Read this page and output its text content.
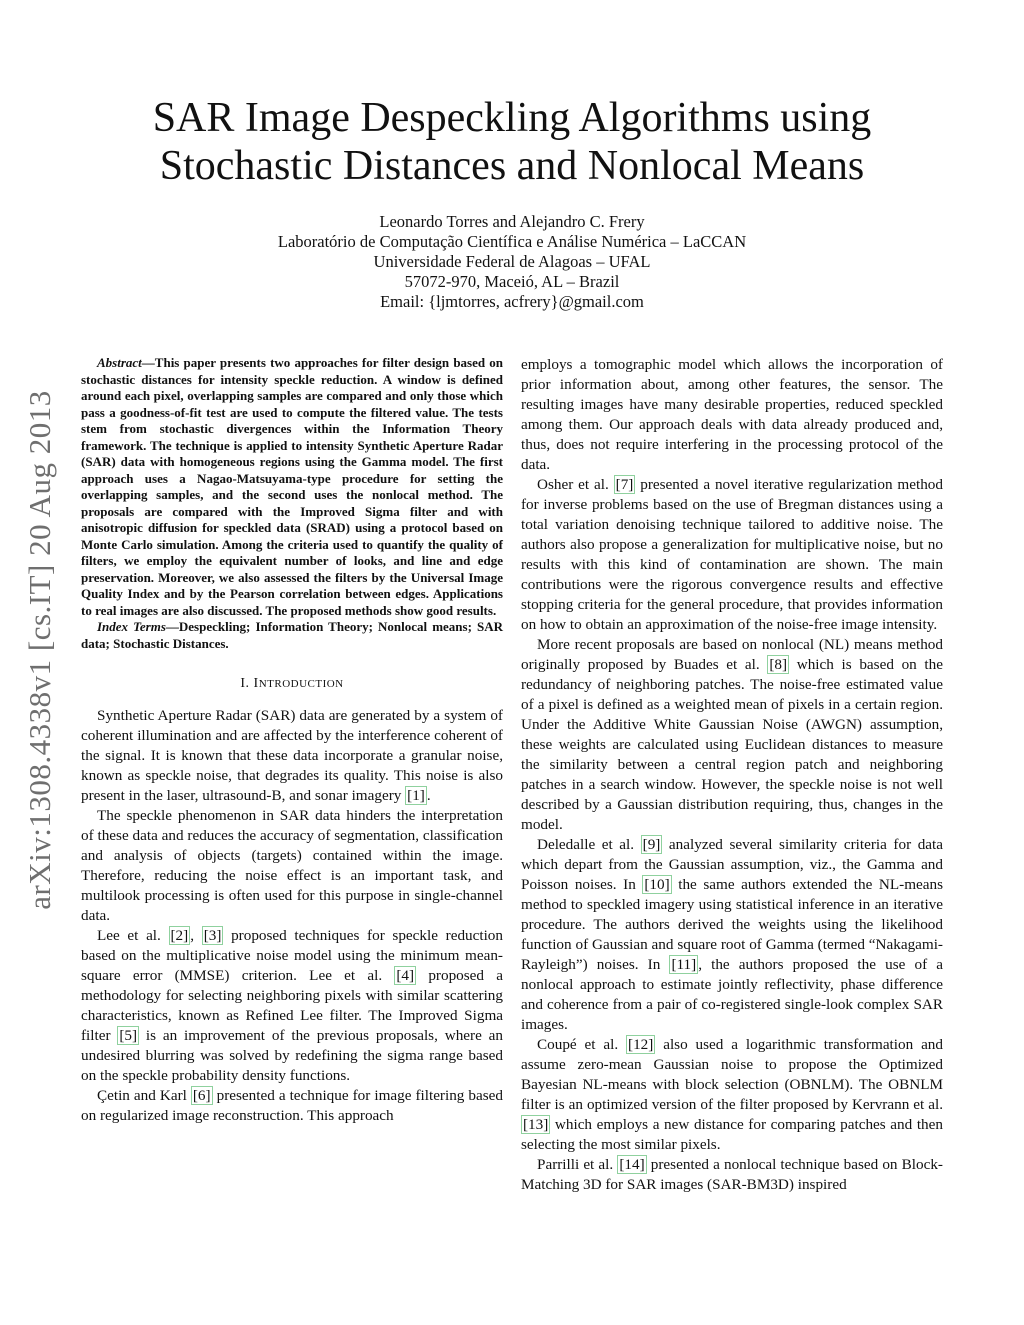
arXiv:1308.4338v1 [cs.IT] 20 Aug 2013
SAR Image Despeckling Algorithms using Stochastic Distances and Nonlocal Means
Leonardo Torres and Alejandro C. Frery
Laboratório de Computação Científica e Análise Numérica – LaCCAN
Universidade Federal de Alagoas – UFAL
57072-970, Maceió, AL – Brazil
Email: {ljmtorres, acfrery}@gmail.com

Abstract—This paper presents two approaches for filter design based on stochastic distances for intensity speckle reduction. A window is defined around each pixel, overlapping samples are compared and only those which pass a goodness-of-fit test are used to compute the filtered value. The tests stem from stochastic divergences within the Information Theory framework. The technique is applied to intensity Synthetic Aperture Radar (SAR) data with homogeneous regions using the Gamma model. The first approach uses a Nagao-Matsuyama-type procedure for setting the overlapping samples, and the second uses the nonlocal method. The proposals are compared with the Improved Sigma filter and with anisotropic diffusion for speckled data (SRAD) using a protocol based on Monte Carlo simulation. Among the criteria used to quantify the quality of filters, we employ the equivalent number of looks, and line and edge preservation. Moreover, we also assessed the filters by the Universal Image Quality Index and by the Pearson correlation between edges. Applications to real images are also discussed. The proposed methods show good results.

Index Terms—Despeckling; Information Theory; Nonlocal means; SAR data; Stochastic Distances.

I. INTRODUCTION

Synthetic Aperture Radar (SAR) data are generated by a system of coherent illumination and are affected by the interference coherent of the signal. It is known that these data incorporate a granular noise, known as speckle noise, that degrades its quality. This noise is also present in the laser, ultrasound-B, and sonar imagery [1] .

The speckle phenomenon in SAR data hinders the interpretation of these data and reduces the accuracy of segmentation, classification and analysis of objects (targets) contained within the image. Therefore, reducing the noise effect is an important task, and multilook processing is often used for this purpose in single-channel data.

Lee et al. [2] , [3] proposed techniques for speckle reduction based on the multiplicative noise model using the minimum mean-square error (MMSE) criterion. Lee et al. [4] proposed a methodology for selecting neighboring pixels with similar scattering characteristics, known as Refined Lee filter. The Improved Sigma filter [5] is an improvement of the previous proposals, where an undesired blurring was solved by redefining the sigma range based on the speckle probability density functions.

Çetin and Karl [6] presented a technique for image filtering based on regularized image reconstruction. This approach

employs a tomographic model which allows the incorporation of prior information about, among other features, the sensor. The resulting images have many desirable properties, reduced speckled among them. Our approach deals with data already produced and, thus, does not require interfering in the processing protocol of the data.

Osher et al. [7] presented a novel iterative regularization method for inverse problems based on the use of Bregman distances using a total variation denoising technique tailored to additive noise. The authors also propose a generalization for multiplicative noise, but no results with this kind of contamination are shown. The main contributions were the rigorous convergence results and effective stopping criteria for the general procedure, that provides information on how to obtain an approximation of the noise-free image intensity.

More recent proposals are based on nonlocal (NL) means method originally proposed by Buades et al. [8] which is based on the redundancy of neighboring patches. The noise-free estimated value of a pixel is defined as a weighted mean of pixels in a certain region. Under the Additive White Gaussian Noise (AWGN) assumption, these weights are calculated using Euclidean distances to measure the similarity between a central region patch and neighboring patches in a search window. However, the speckle noise is not well described by a Gaussian distribution requiring, thus, changes in the model.

Deledalle et al. [9] analyzed several similarity criteria for data which depart from the Gaussian assumption, viz., the Gamma and Poisson noises. In [10] the same authors extended the NL-means method to speckled imagery using statistical inference in an iterative procedure. The authors derived the weights using the likelihood function of Gaussian and square root of Gamma (termed “Nakagami-Rayleigh”) noises. In [11] , the authors proposed the use of a nonlocal approach to estimate jointly reflectivity, phase difference and coherence from a pair of co-registered single-look complex SAR images.

Coupé et al. [12] also used a logarithmic transformation and assume zero-mean Gaussian noise to propose the Optimized Bayesian NL-means with block selection (OBNLM). The OBNLM filter is an optimized version of the filter proposed by Kervrann et al. [13] which employs a new distance for comparing patches and then selecting the most similar pixels.

Parrilli et al. [14] presented a nonlocal technique based on Block-Matching 3D for SAR images (SAR-BM3D) inspired
